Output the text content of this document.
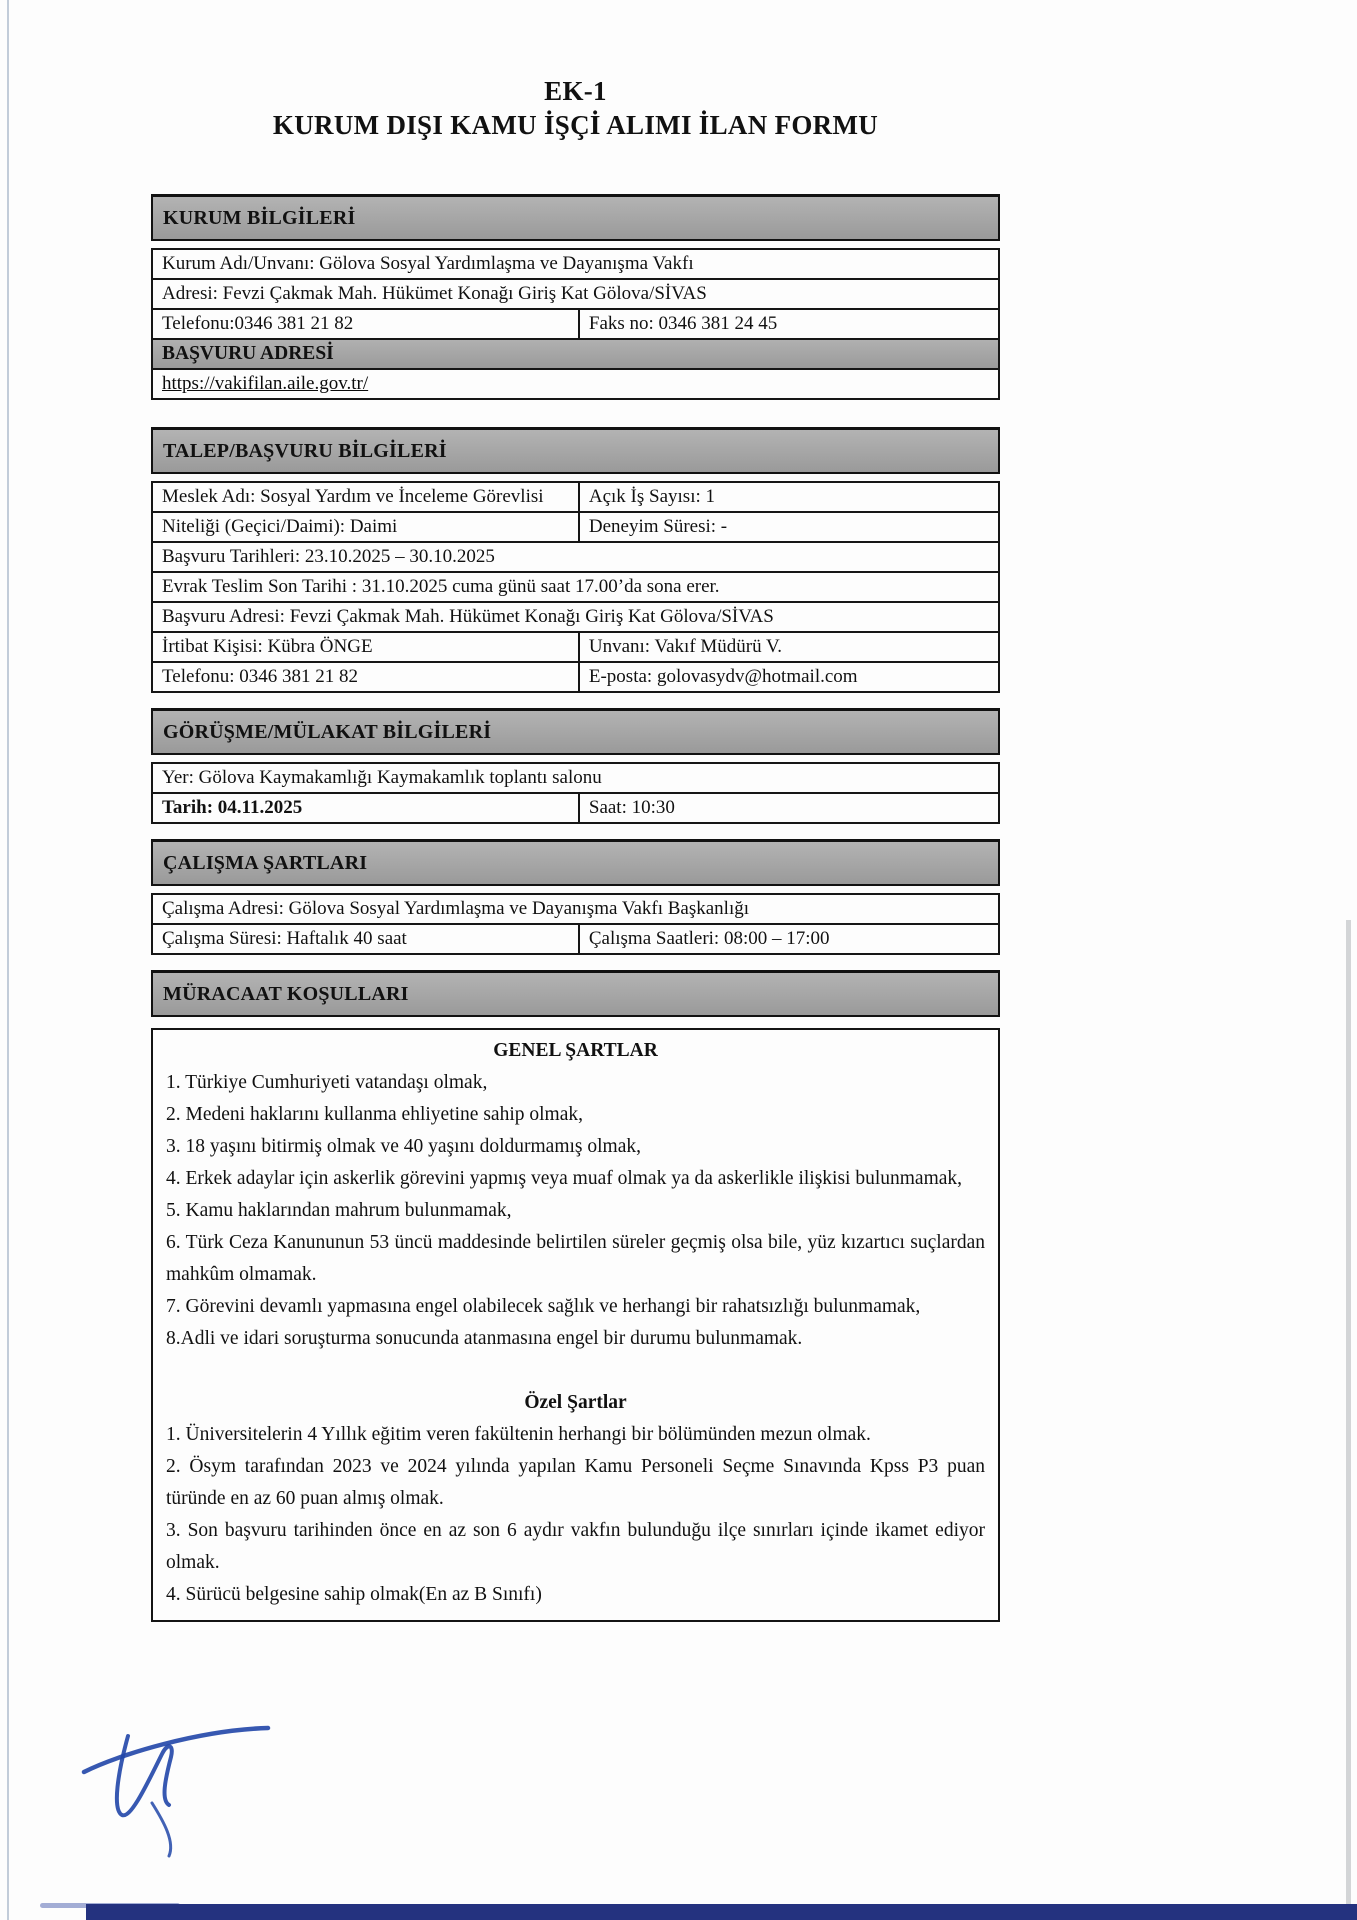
EK-1
KURUM DIŞI KAMU İŞÇİ ALIMI İLAN FORMU
KURUM BİLGİLERİ
Kurum Adı/Unvanı: Gölova Sosyal Yardımlaşma ve Dayanışma Vakfı
Adresi: Fevzi Çakmak Mah. Hükümet Konağı Giriş Kat Gölova/SİVAS
Telefonu:0346 381 21 82	Faks no: 0346 381 24 45
BAŞVURU ADRESİ
https://vakifilan.aile.gov.tr/
TALEP/BAŞVURU BİLGİLERİ
Meslek Adı: Sosyal Yardım ve İnceleme Görevlisi	Açık İş Sayısı: 1
Niteliği (Geçici/Daimi): Daimi	Deneyim Süresi: -
Başvuru Tarihleri: 23.10.2025 – 30.10.2025	
Evrak Teslim Son Tarihi : 31.10.2025 cuma günü saat 17.00’da sona erer.	
Başvuru Adresi: Fevzi Çakmak Mah. Hükümet Konağı Giriş Kat Gölova/SİVAS	
İrtibat Kişisi: Kübra ÖNGE	Unvanı: Vakıf Müdürü V.
Telefonu: 0346 381 21 82	E-posta: golovasydv@hotmail.com
GÖRÜŞME/MÜLAKAT BİLGİLERİ
Yer: Gölova Kaymakamlığı Kaymakamlık toplantı salonu
Tarih: 04.11.2025	Saat: 10:30
ÇALIŞMA ŞARTLARI
Çalışma Adresi: Gölova Sosyal Yardımlaşma ve Dayanışma Vakfı Başkanlığı
Çalışma Süresi: Haftalık 40 saat	Çalışma Saatleri: 08:00 – 17:00
MÜRACAAT KOŞULLARI

GENEL ŞARTLAR

1. Türkiye Cumhuriyeti vatandaşı olmak,

2. Medeni haklarını kullanma ehliyetine sahip olmak,

3. 18 yaşını bitirmiş olmak ve 40 yaşını doldurmamış olmak,

4. Erkek adaylar için askerlik görevini yapmış veya muaf olmak ya da askerlikle ilişkisi bulunmamak,

5. Kamu haklarından mahrum bulunmamak,

6. Türk Ceza Kanununun 53 üncü maddesinde belirtilen süreler geçmiş olsa bile, yüz kızartıcı suçlardan mahkûm olmamak.

7. Görevini devamlı yapmasına engel olabilecek sağlık ve herhangi bir rahatsızlığı bulunmamak,

8.Adli ve idari soruşturma sonucunda atanmasına engel bir durumu bulunmamak.

Özel Şartlar

1. Üniversitelerin 4 Yıllık eğitim veren fakültenin herhangi bir bölümünden mezun olmak.

2. Ösym tarafından 2023 ve 2024 yılında yapılan Kamu Personeli Seçme Sınavında Kpss P3 puan türünde en az 60 puan almış olmak.

3. Son başvuru tarihinden önce en az son 6 aydır vakfın bulunduğu ilçe sınırları içinde ikamet ediyor olmak.

4. Sürücü belgesine sahip olmak(En az B Sınıfı)
